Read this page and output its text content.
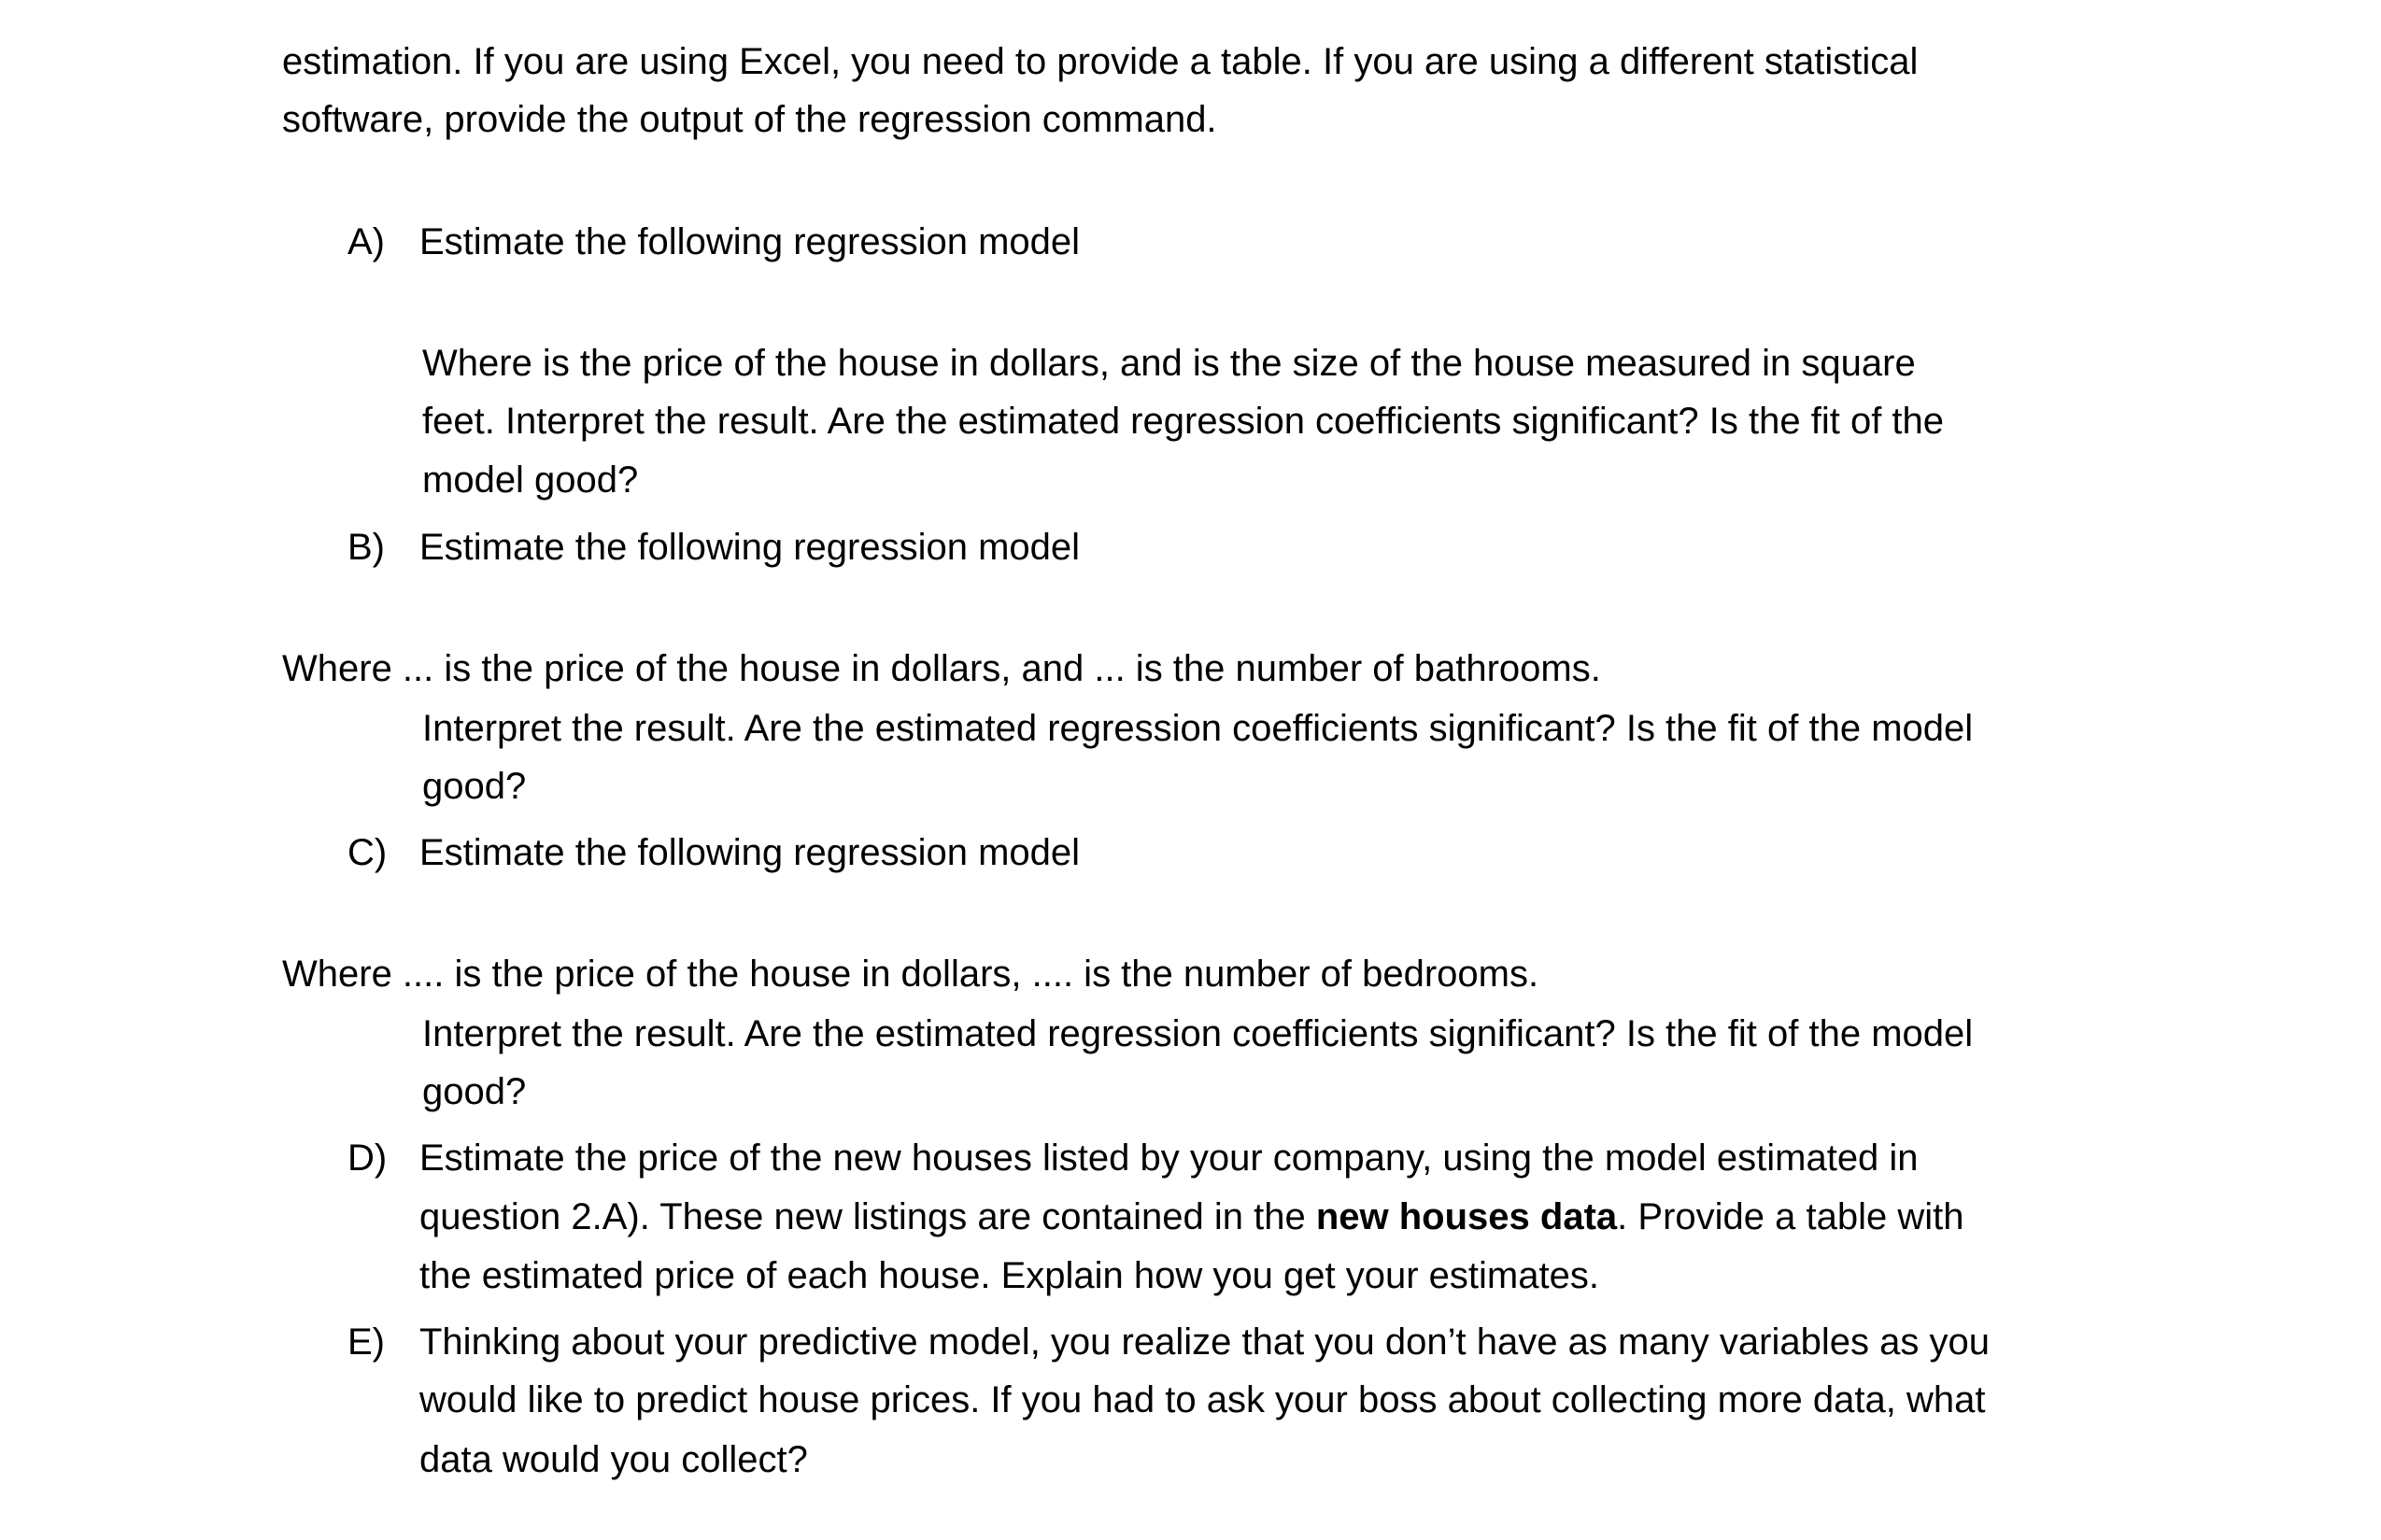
estimation. If you are using Excel, you need to provide a table. If you are using a different statistical
software, provide the output of the regression command.
A) Estimate the following regression model
Where is the price of the house in dollars, and is the size of the house measured in square
feet. Interpret the result. Are the estimated regression coefficients significant? Is the fit of the
model good?
B) Estimate the following regression model
Where ... is the price of the house in dollars, and ... is the number of bathrooms.
Interpret the result. Are the estimated regression coefficients significant? Is the fit of the model
good?
C) Estimate the following regression model
Where .... is the price of the house in dollars, .... is the number of bedrooms.
Interpret the result. Are the estimated regression coefficients significant? Is the fit of the model
good?
D) Estimate the price of the new houses listed by your company, using the model estimated in
question 2.A). These new listings are contained in the new houses data. Provide a table with
the estimated price of each house. Explain how you get your estimates.
E) Thinking about your predictive model, you realize that you don’t have as many variables as you
would like to predict house prices. If you had to ask your boss about collecting more data, what
data would you collect?
